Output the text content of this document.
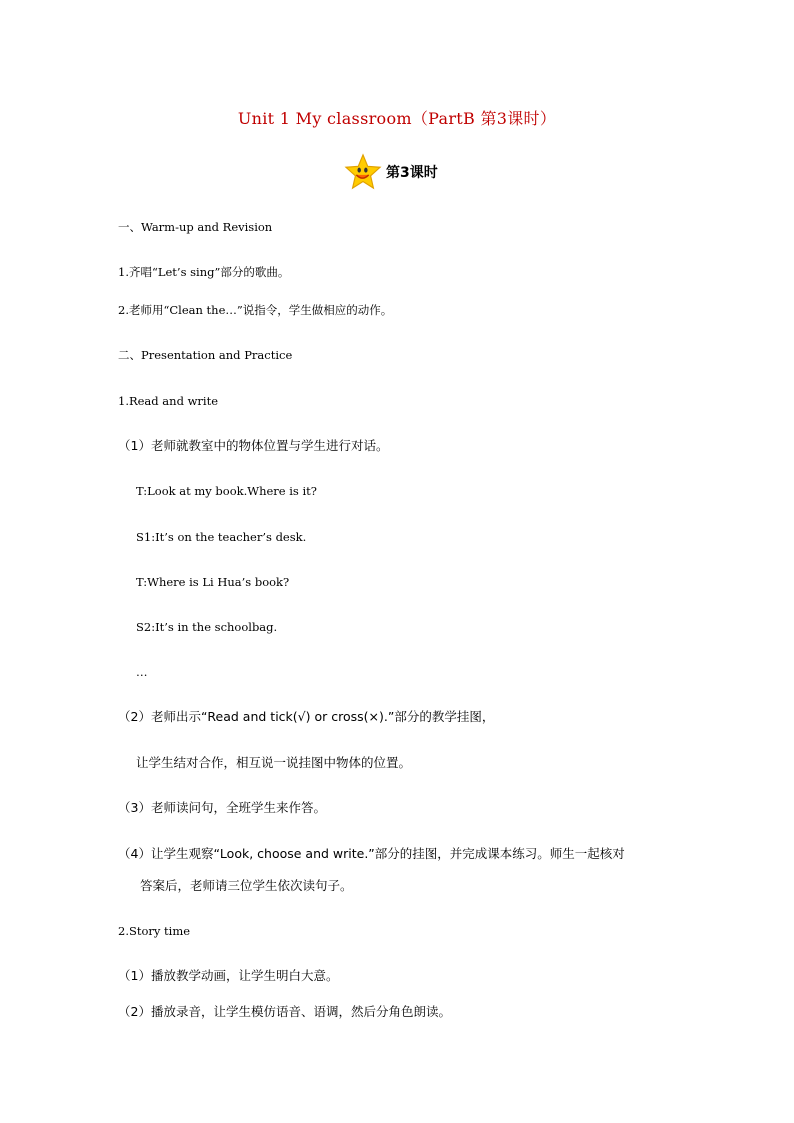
Unit 1 My classroom（PartB 第3课时）
第3课时
一、Warm-up and Revision
1.齐唱“Let’s sing”部分的歌曲。
2.老师用“Clean the…”说指令，学生做相应的动作。
二、Presentation and Practice
1.Read and write
（1）老师就教室中的物体位置与学生进行对话。
T:Look at my book.Where is it?
S1:It’s on the teacher’s desk.
T:Where is Li Hua’s book?
S2:It’s in the schoolbag.
…
（2）老师出示“Read and tick(√) or cross(×).”部分的教学挂图，
让学生结对合作，相互说一说挂图中物体的位置。
（3）老师读问句，全班学生来作答。
（4）让学生观察“Look, choose and write.”部分的挂图，并完成课本练习。师生一起核对
答案后，老师请三位学生依次读句子。
2.Story time
（1）播放教学动画，让学生明白大意。
（2）播放录音，让学生模仿语音、语调，然后分角色朗读。
